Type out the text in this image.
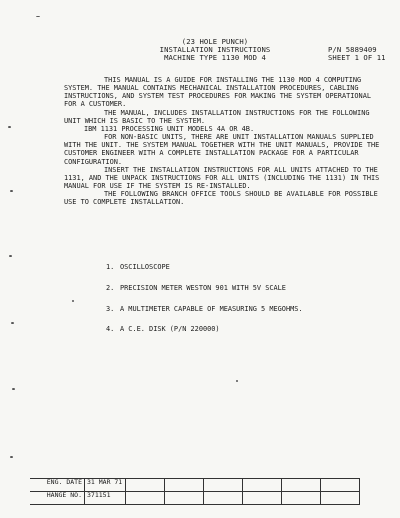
(23 HOLE PUNCH)
INSTALLATION INSTRUCTIONS
MACHINE TYPE 1130 MOD 4
P/N 5889409
SHEET 1 OF 11

THIS MANUAL IS A GUIDE FOR INSTALLING THE 1130 MOD 4 COMPUTING SYSTEM. THE MANUAL CONTAINS MECHANICAL INSTALLATION PROCEDURES, CABLING INSTRUCTIONS, AND SYSTEM TEST PROCEDURES FOR MAKING THE SYSTEM OPERATIONAL FOR A CUSTOMER.

THE MANUAL, INCLUDES INSTALLATION INSTRUCTIONS FOR THE FOLLOWING UNIT WHICH IS BASIC TO THE SYSTEM.

IBM 1131 PROCESSING UNIT MODELS 4A OR 4B.

FOR NON-BASIC UNITS, THERE ARE UNIT INSTALLATION MANUALS SUPPLIED WITH THE UNIT. THE SYSTEM MANUAL TOGETHER WITH THE UNIT MANUALS, PROVIDE THE CUSTOMER ENGINEER WITH A COMPLETE INSTALLATION PACKAGE FOR A PARTICULAR CONFIGURATION.

INSERT THE INSTALLATION INSTRUCTIONS FOR ALL UNITS ATTACHED TO THE 1131, AND THE UNPACK INSTRUCTIONS FOR ALL UNITS (INCLUDING THE 1131) IN THIS MANUAL FOR USE IF THE SYSTEM IS RE-INSTALLED.

THE FOLLOWING BRANCH OFFICE TOOLS SHOULD BE AVAILABLE FOR POSSIBLE USE TO COMPLETE INSTALLATION.

1. OSCILLOSCOPE
2. PRECISION METER WESTON 901 WITH 5V SCALE
3. A MULTIMETER CAPABLE OF MEASURING 5 MEGOHMS.
4. A C.E. DISK (P/N 220000)
ENG. DATE	31 MAR 71						
HANGE NO.	371151						
